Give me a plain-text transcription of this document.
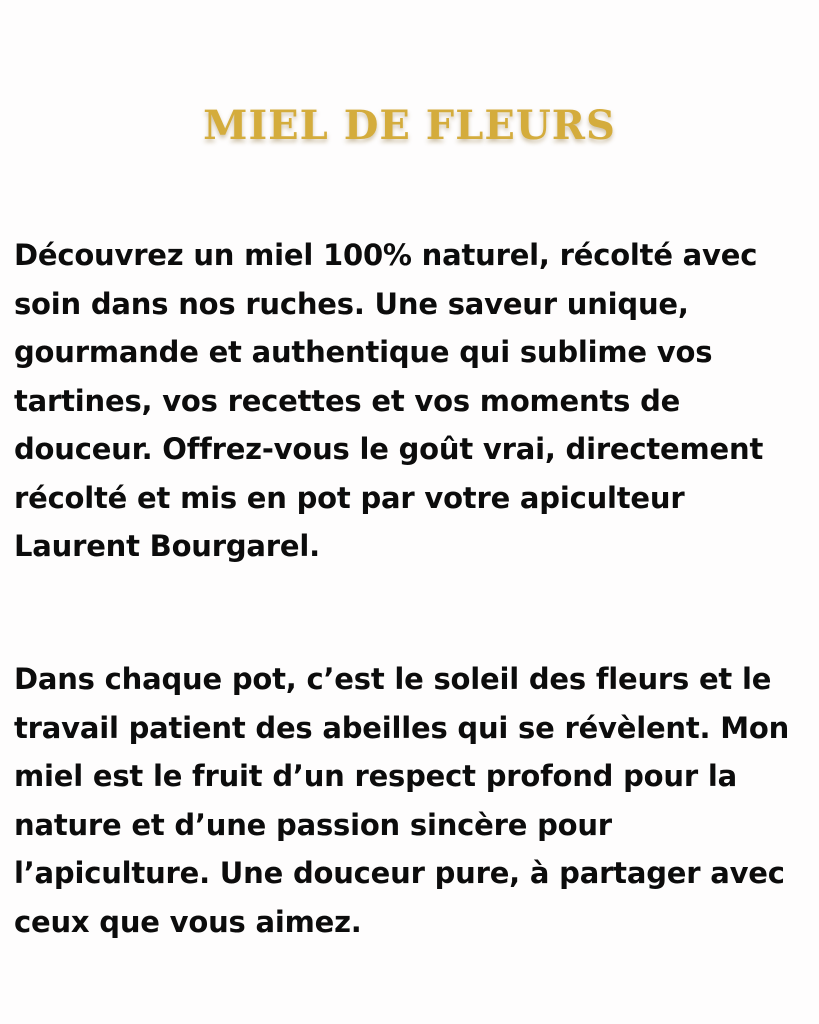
MIEL DE FLEURS

Découvrez un miel 100% naturel, récolté avec soin dans nos ruches. Une saveur unique, gourmande et authentique qui sublime vos tartines, vos recettes et vos moments de douceur. Offrez-vous le goût vrai, directement récolté et mis en pot par votre apiculteur Laurent Bourgarel.

Dans chaque pot, c’est le soleil des fleurs et le travail patient des abeilles qui se révèlent. Mon miel est le fruit d’un respect profond pour la nature et d’une passion sincère pour l’apiculture. Une douceur pure, à partager avec ceux que vous aimez.
